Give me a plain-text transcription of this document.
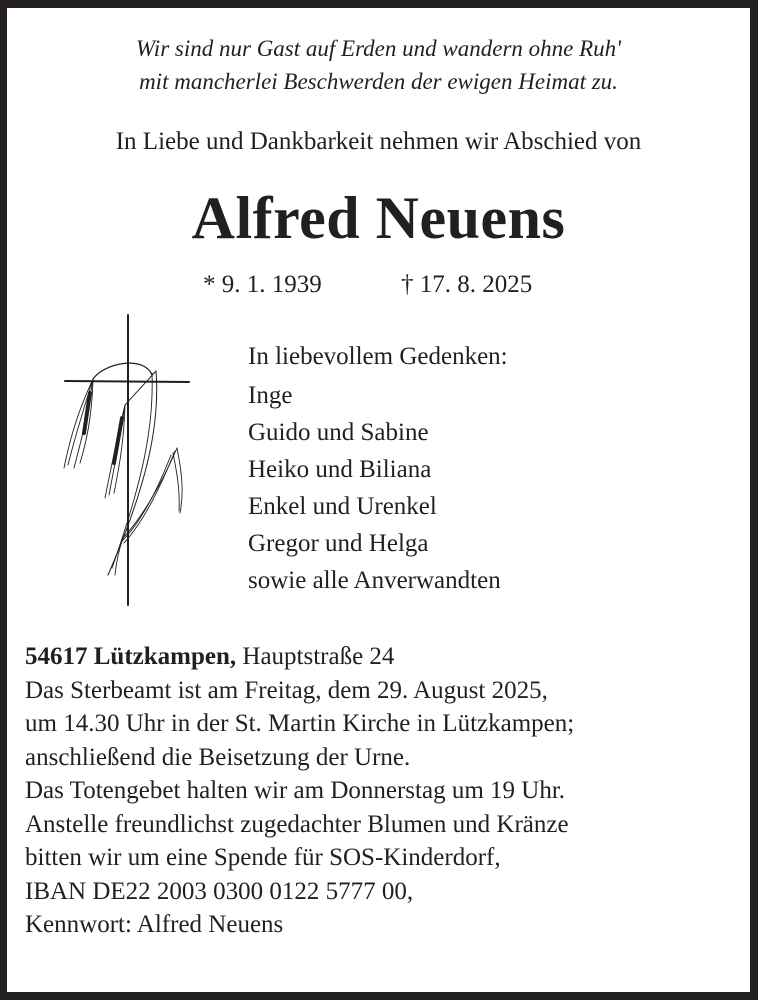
Wir sind nur Gast auf Erden und wandern ohne Ruh'
mit mancherlei Beschwerden der ewigen Heimat zu.
In Liebe und Dankbarkeit nehmen wir Abschied von
Alfred Neuens
* 9. 1. 1939	† 17. 8. 2025
In liebevollem Gedenken:
Inge
Guido und Sabine
Heiko und Biliana
Enkel und Urenkel
Gregor und Helga
sowie alle Anverwandten
54617 Lützkampen, Hauptstraße 24
Das Sterbeamt ist am Freitag, dem 29. August 2025,
um 14.30 Uhr in der St. Martin Kirche in Lützkampen;
anschließend die Beisetzung der Urne.
Das Totengebet halten wir am Donnerstag um 19 Uhr.
Anstelle freundlichst zugedachter Blumen und Kränze
bitten wir um eine Spende für SOS-Kinderdorf,
IBAN DE22 2003 0300 0122 5777 00,
Kennwort: Alfred Neuens
